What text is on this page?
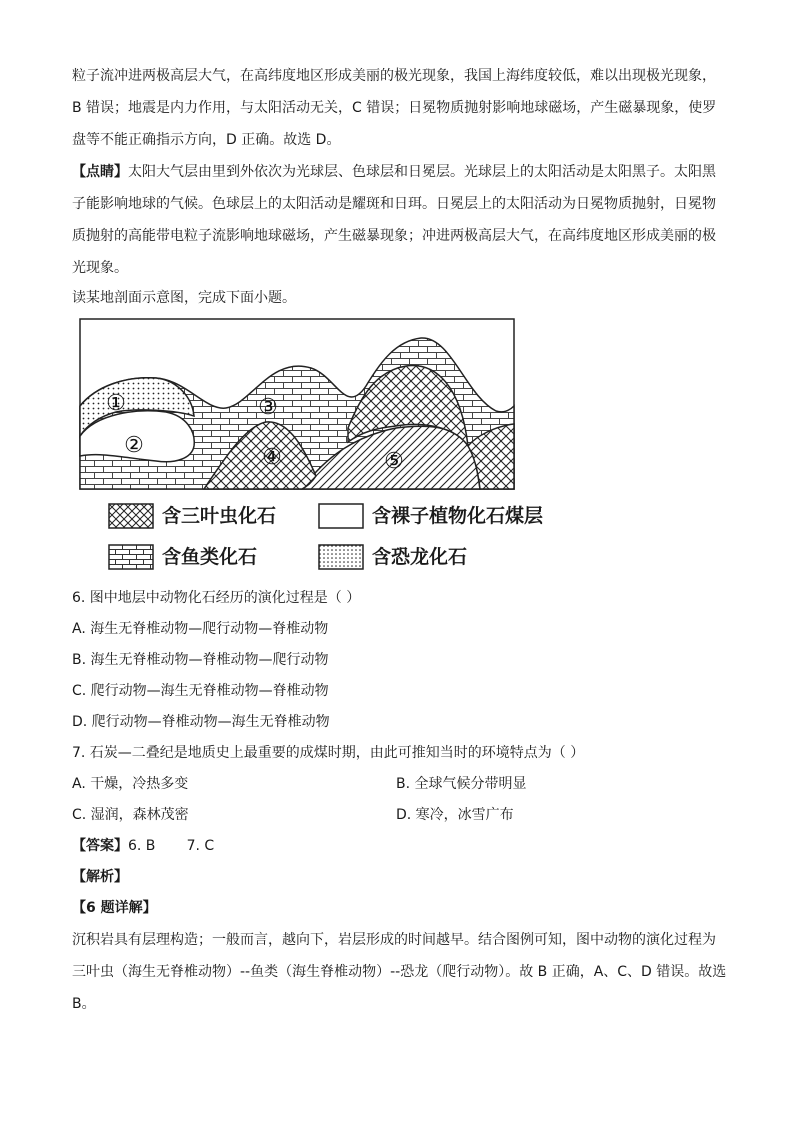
粒子流冲进两极高层大气，在高纬度地区形成美丽的极光现象，我国上海纬度较低，难以出现极光现象，
B 错误；地震是内力作用，与太阳活动无关，C 错误；日冕物质抛射影响地球磁场，产生磁暴现象，使罗
盘等不能正确指示方向，D 正确。故选 D。
【点睛】太阳大气层由里到外依次为光球层、色球层和日冕层。光球层上的太阳活动是太阳黑子。太阳黑
子能影响地球的气候。色球层上的太阳活动是耀斑和日珥。日冕层上的太阳活动为日冕物质抛射，日冕物
质抛射的高能带电粒子流影响地球磁场，产生磁暴现象；冲进两极高层大气，在高纬度地区形成美丽的极
光现象。
读某地剖面示意图，完成下面小题。
①
②
③
④	⑤
含三叶虫化石	含裸子植物化石煤层
含鱼类化石	含恐龙化石
6. 图中地层中动物化石经历的演化过程是（ ）
A. 海生无脊椎动物—爬行动物—脊椎动物
B. 海生无脊椎动物—脊椎动物—爬行动物
C. 爬行动物—海生无脊椎动物—脊椎动物
D. 爬行动物—脊椎动物—海生无脊椎动物
7. 石炭—二叠纪是地质史上最重要的成煤时期，由此可推知当时的环境特点为（ ）
A. 干燥，冷热多变	B. 全球气候分带明显
C. 湿润，森林茂密	D. 寒冷，冰雪广布
【答案】6. B       7. C
【解析】
【6 题详解】
沉积岩具有层理构造；一般而言，越向下，岩层形成的时间越早。结合图例可知，图中动物的演化过程为
三叶虫（海生无脊椎动物）--鱼类（海生脊椎动物）--恐龙（爬行动物）。故 B 正确，A、C、D 错误。故选
B。
